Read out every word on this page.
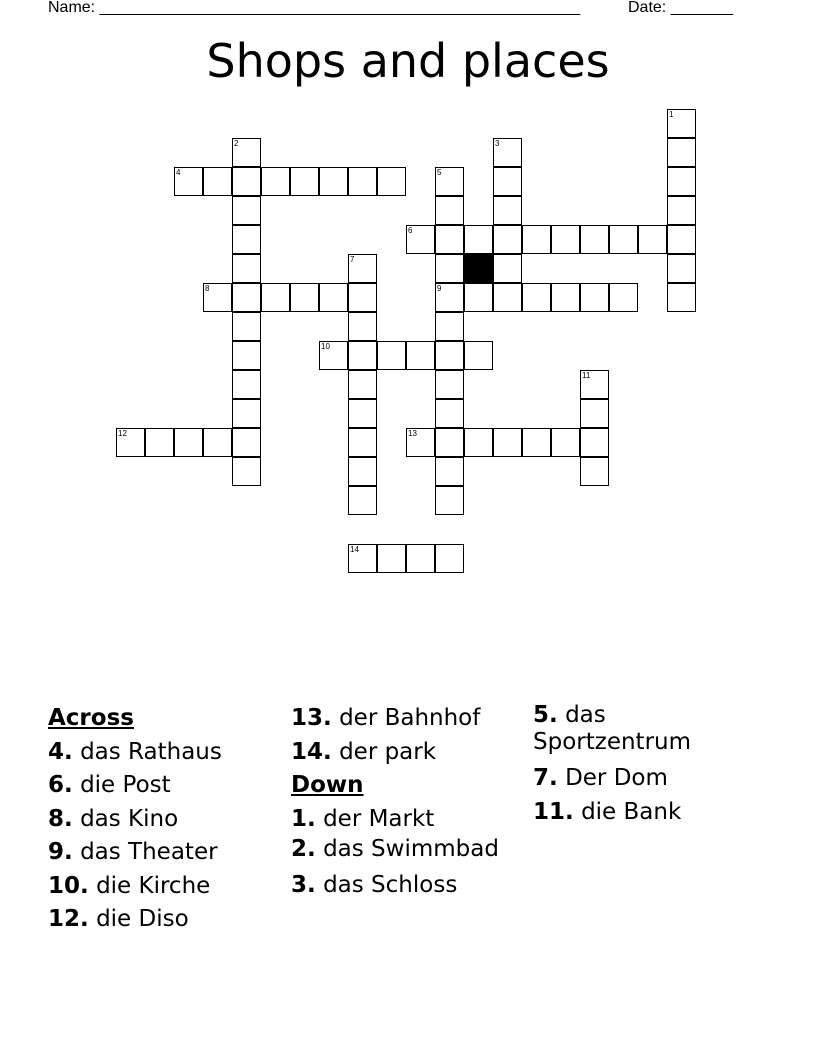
Name: ______________________________________________________	Date: _______
Shops and places
1
2	3
4	5
6
7
8	9
10
11
12	13
14
Across
4. das Rathaus
6. die Post
8. das Kino
9. das Theater
10. die Kirche
12. die Diso
13. der Bahnhof
14. der park
Down
1. der Markt
2. das Swimmbad
3. das Schloss
5. das Sportzentrum
7. Der Dom
11. die Bank
